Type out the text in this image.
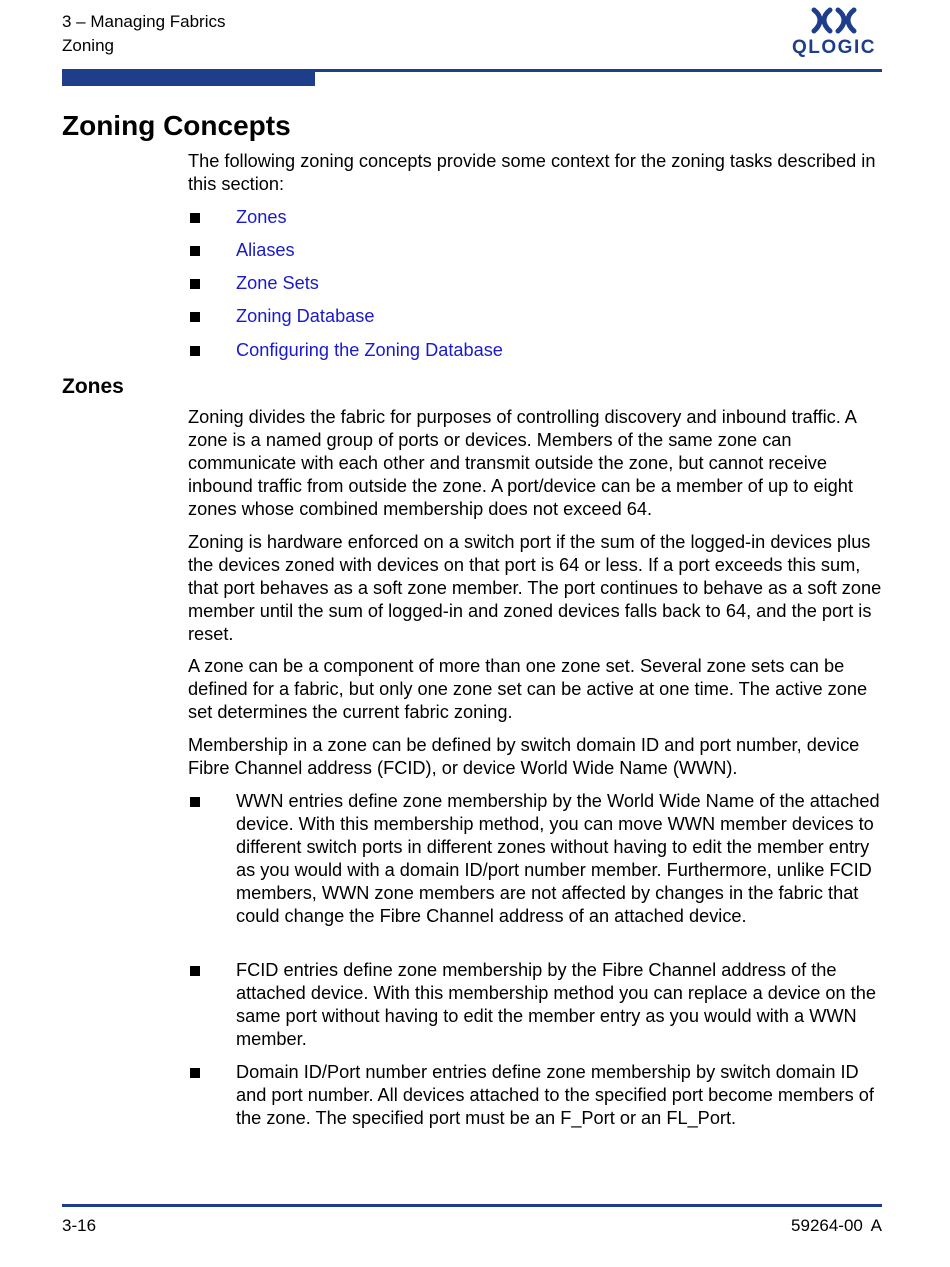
3 – Managing Fabrics
Zoning	QLOGIC
Zoning Concepts
The following zoning concepts provide some context for the zoning tasks described in this section:
Zones
Aliases
Zone Sets
Zoning Database
Configuring the Zoning Database
Zones
Zoning divides the fabric for purposes of controlling discovery and inbound traffic. A zone is a named group of ports or devices. Members of the same zone can communicate with each other and transmit outside the zone, but cannot receive inbound traffic from outside the zone. A port/device can be a member of up to eight zones whose combined membership does not exceed 64.
Zoning is hardware enforced on a switch port if the sum of the logged-in devices plus the devices zoned with devices on that port is 64 or less. If a port exceeds this sum, that port behaves as a soft zone member. The port continues to behave as a soft zone member until the sum of logged-in and zoned devices falls back to 64, and the port is reset.
A zone can be a component of more than one zone set. Several zone sets can be defined for a fabric, but only one zone set can be active at one time. The active zone set determines the current fabric zoning.
Membership in a zone can be defined by switch domain ID and port number, device Fibre Channel address (FCID), or device World Wide Name (WWN).
WWN entries define zone membership by the World Wide Name of the attached device. With this membership method, you can move WWN member devices to different switch ports in different zones without having to edit the member entry as you would with a domain ID/port number member. Furthermore, unlike FCID members, WWN zone members are not affected by changes in the fabric that could change the Fibre Channel address of an attached device.
FCID entries define zone membership by the Fibre Channel address of the attached device. With this membership method you can replace a device on the same port without having to edit the member entry as you would with a WWN member.
Domain ID/Port number entries define zone membership by switch domain ID and port number. All devices attached to the specified port become members of the zone. The specified port must be an F_Port or an FL_Port.
3-16	59264-00 A
